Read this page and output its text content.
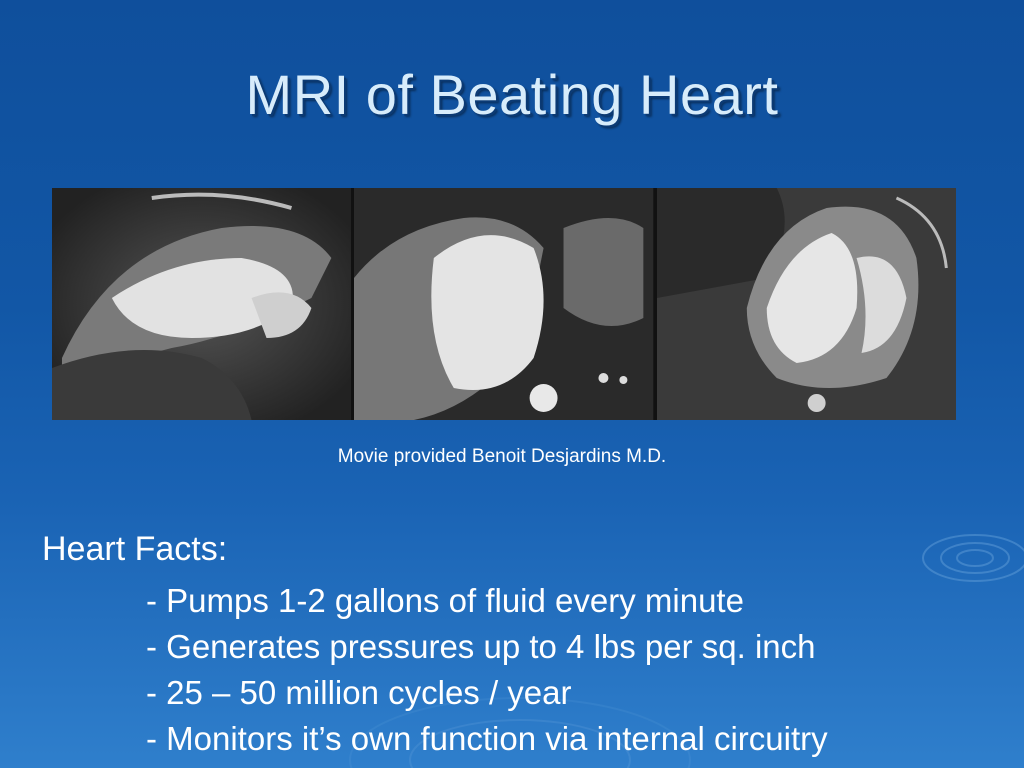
MRI of Beating Heart
Movie provided Benoit Desjardins M.D.
Heart Facts:
- Pumps 1-2 gallons of fluid every minute
- Generates pressures up to 4 lbs per sq. inch
- 25 – 50 million cycles / year
- Monitors it’s own function via internal circuitry
